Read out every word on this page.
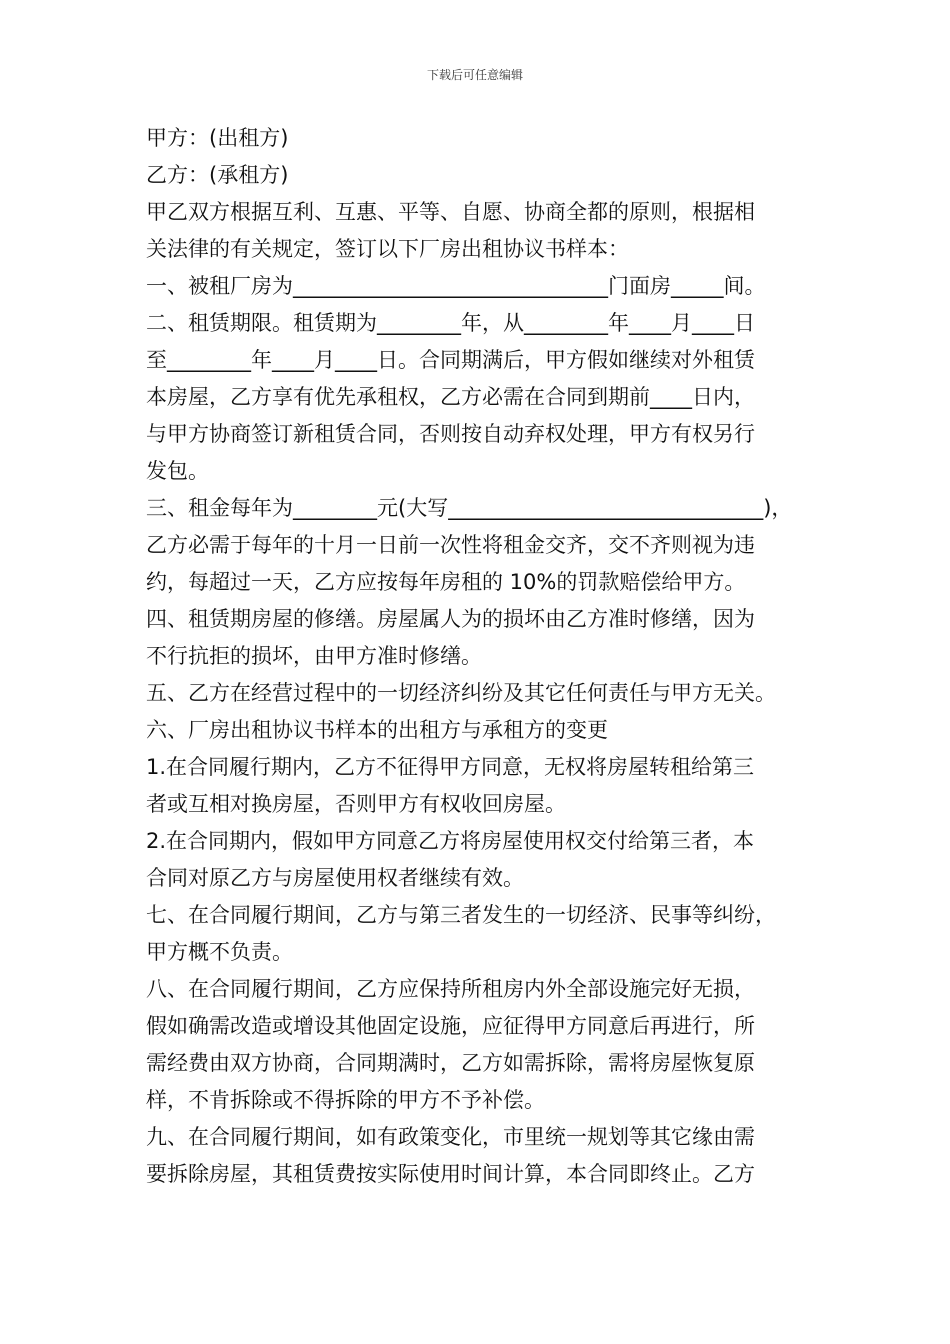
下载后可任意编辑
甲方：(出租方)
乙方：(承租方)
甲乙双方根据互利、互惠、平等、自愿、协商全都的原则，根据相
关法律的有关规定，签订以下厂房出租协议书样本：
一、被租厂房为______________________________门面房_____间。
二、租赁期限。租赁期为________年，从________年____月____日
至________年____月____日。合同期满后，甲方假如继续对外租赁
本房屋，乙方享有优先承租权，乙方必需在合同到期前____日内，
与甲方协商签订新租赁合同，否则按自动弃权处理，甲方有权另行
发包。
三、租金每年为________元(大写______________________________)，
乙方必需于每年的十月一日前一次性将租金交齐，交不齐则视为违
约，每超过一天，乙方应按每年房租的 10%的罚款赔偿给甲方。
四、租赁期房屋的修缮。房屋属人为的损坏由乙方准时修缮，因为
不行抗拒的损坏，由甲方准时修缮。
五、乙方在经营过程中的一切经济纠纷及其它任何责任与甲方无关。
六、厂房出租协议书样本的出租方与承租方的变更
1.在合同履行期内，乙方不征得甲方同意，无权将房屋转租给第三
者或互相对换房屋，否则甲方有权收回房屋。
2.在合同期内，假如甲方同意乙方将房屋使用权交付给第三者，本
合同对原乙方与房屋使用权者继续有效。
七、在合同履行期间，乙方与第三者发生的一切经济、民事等纠纷，
甲方概不负责。
八、在合同履行期间，乙方应保持所租房内外全部设施完好无损，
假如确需改造或增设其他固定设施，应征得甲方同意后再进行，所
需经费由双方协商，合同期满时，乙方如需拆除，需将房屋恢复原
样，不肯拆除或不得拆除的甲方不予补偿。
九、在合同履行期间，如有政策变化，市里统一规划等其它缘由需
要拆除房屋，其租赁费按实际使用时间计算，本合同即终止。乙方
